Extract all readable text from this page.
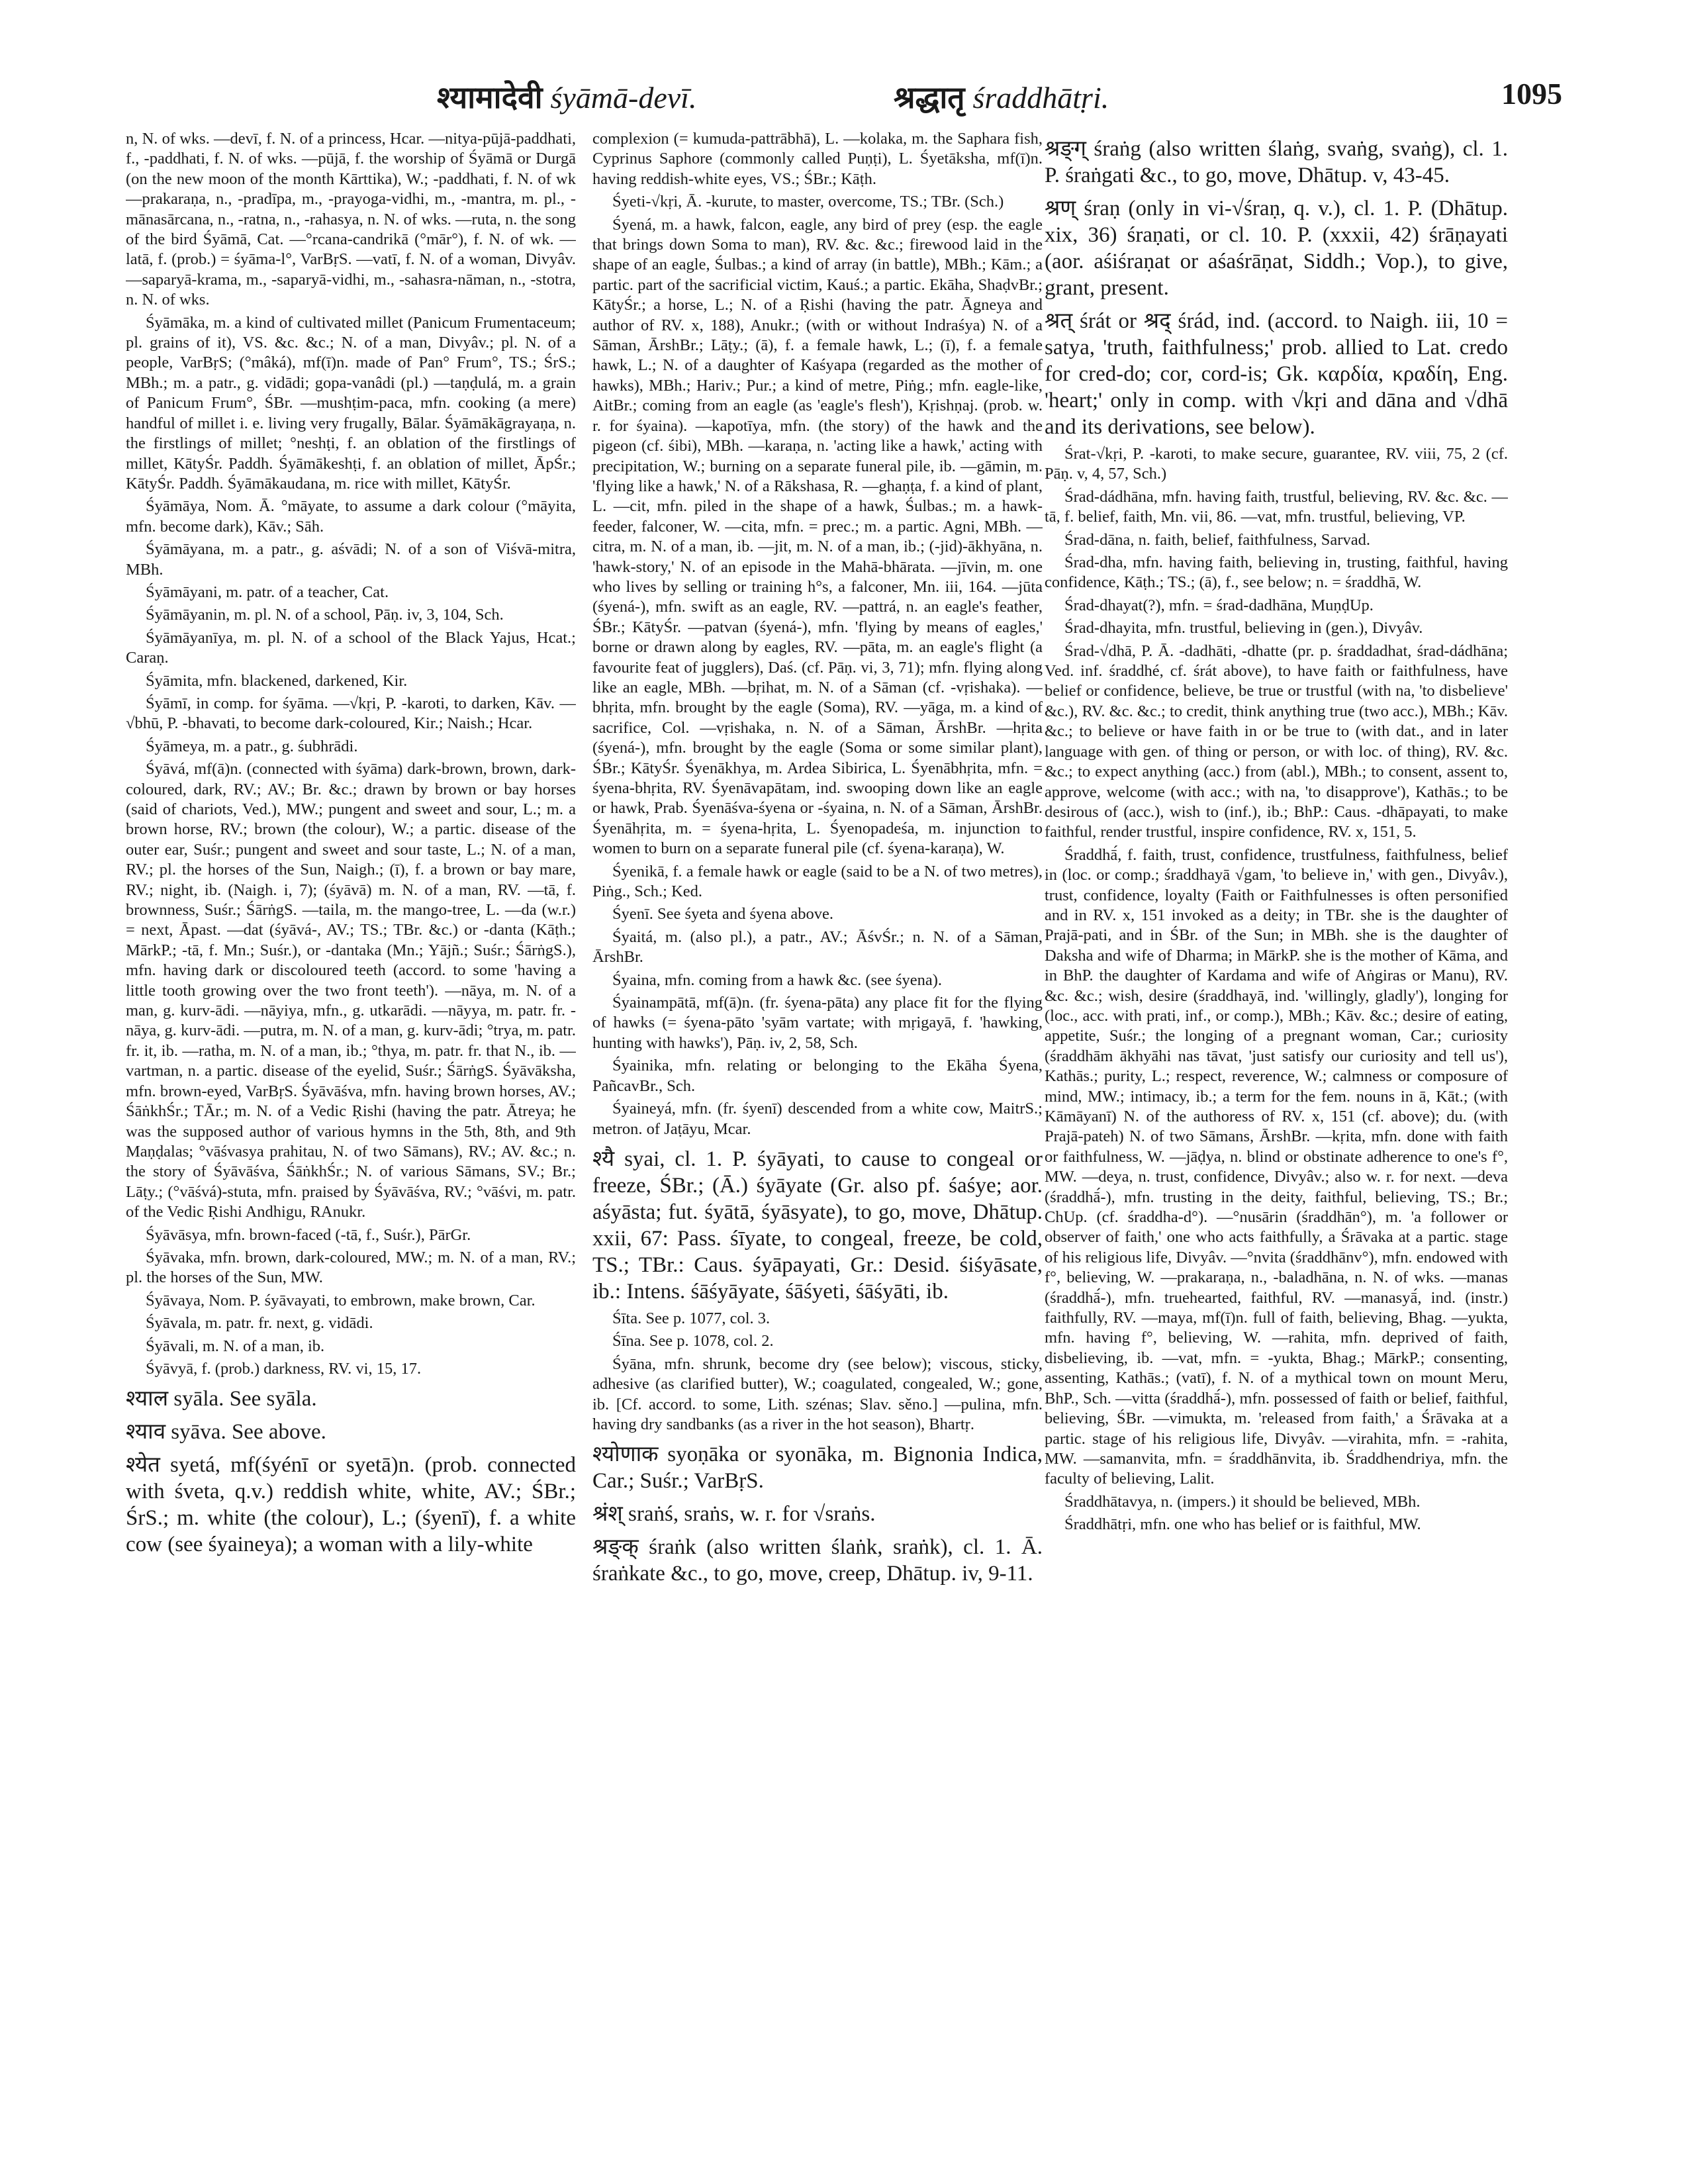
श्यामादेवी śyāmā-devī.	श्रद्धातृ śraddhātṛi.	1095

n, N. of wks. —devī, f. N. of a princess, Hcar. —nitya-pūjā-paddhati, f., -paddhati, f. N. of wks. —pūjā, f. the worship of Śyāmā or Durgā (on the new moon of the month Kārttika), W.; -paddhati, f. N. of wk —prakaraṇa, n., -pradīpa, m., -prayoga-vidhi, m., -mantra, m. pl., -mānasārcana, n., -ratna, n., -rahasya, n. N. of wks. —ruta, n. the song of the bird Śyāmā, Cat. —°rcana-candrikā (°mār°), f. N. of wk. —latā, f. (prob.) = śyāma-l°, VarBṛS. —vatī, f. N. of a woman, Divyâv. —saparyā-krama, m., -saparyā-vidhi, m., -sahasra-nāman, n., -stotra, n. N. of wks.

Śyāmāka, m. a kind of cultivated millet (Panicum Frumentaceum; pl. grains of it), VS. &c. &c.; N. of a man, Divyâv.; pl. N. of a people, VarBṛS; (°mâká), mf(ī)n. made of Pan° Frum°, TS.; ŚrS.; MBh.; m. a patr., g. vidādi; gopa-vanâdi (pl.) —taṇḍulá, m. a grain of Panicum Frum°, ŚBr. —mushṭim-paca, mfn. cooking (a mere) handful of millet i. e. living very frugally, Bālar. Śyāmākāgrayaṇa, n. the firstlings of millet; °neshṭi, f. an oblation of the firstlings of millet, KātyŚr. Paddh. Śyāmākeshṭi, f. an oblation of millet, ĀpŚr.; KātyŚr. Paddh. Śyāmākaudana, m. rice with millet, KātyŚr.

Śyāmāya, Nom. Ā. °māyate, to assume a dark colour (°māyita, mfn. become dark), Kāv.; Sāh.

Śyāmāyana, m. a patr., g. aśvādi; N. of a son of Viśvā-mitra, MBh.

Śyāmāyani, m. patr. of a teacher, Cat.

Śyāmāyanin, m. pl. N. of a school, Pāṇ. iv, 3, 104, Sch.

Śyāmāyanīya, m. pl. N. of a school of the Black Yajus, Hcat.; Caraṇ.

Śyāmita, mfn. blackened, darkened, Kir.

Śyāmī, in comp. for śyāma. —√kṛi, P. -karoti, to darken, Kāv. —√bhū, P. -bhavati, to become dark-coloured, Kir.; Naish.; Hcar.

Śyāmeya, m. a patr., g. śubhrādi.

Śyāvá, mf(ā)n. (connected with śyāma) dark-brown, brown, dark-coloured, dark, RV.; AV.; Br. &c.; drawn by brown or bay horses (said of chariots, Ved.), MW.; pungent and sweet and sour, L.; m. a brown horse, RV.; brown (the colour), W.; a partic. disease of the outer ear, Suśr.; pungent and sweet and sour taste, L.; N. of a man, RV.; pl. the horses of the Sun, Naigh.; (ī), f. a brown or bay mare, RV.; night, ib. (Naigh. i, 7); (śyāvā) m. N. of a man, RV. —tā, f. brownness, Suśr.; ŚārṅgS. —taila, m. the mango-tree, L. —da (w.r.) = next, Āpast. —dat (śyāvá-, AV.; TS.; TBr. &c.) or -danta (Kāṭh.; MārkP.; -tā, f. Mn.; Suśr.), or -dantaka (Mn.; Yājñ.; Suśr.; ŚārṅgS.), mfn. having dark or discoloured teeth (accord. to some 'having a little tooth growing over the two front teeth'). —nāya, m. N. of a man, g. kurv-ādi. —nāyiya, mfn., g. utkarādi. —nāyya, m. patr. fr. -nāya, g. kurv-ādi. —putra, m. N. of a man, g. kurv-ādi; °trya, m. patr. fr. it, ib. —ratha, m. N. of a man, ib.; °thya, m. patr. fr. that N., ib. —vartman, n. a partic. disease of the eyelid, Suśr.; ŚārṅgS. Śyāvāksha, mfn. brown-eyed, VarBṛS. Śyāvāśva, mfn. having brown horses, AV.; ŚāṅkhŚr.; TĀr.; m. N. of a Vedic Ṛishi (having the patr. Ātreya; he was the supposed author of various hymns in the 5th, 8th, and 9th Maṇḍalas; °vāśvasya prahitau, N. of two Sāmans), RV.; AV. &c.; n. the story of Śyāvāśva, ŚāṅkhŚr.; N. of various Sāmans, SV.; Br.; Lāṭy.; (°vāśvá)-stuta, mfn. praised by Śyāvāśva, RV.; °vāśvi, m. patr. of the Vedic Ṛishi Andhigu, RAnukr.

Śyāvāsya, mfn. brown-faced (-tā, f., Suśr.), PārGr.

Śyāvaka, mfn. brown, dark-coloured, MW.; m. N. of a man, RV.; pl. the horses of the Sun, MW.

Śyāvaya, Nom. P. śyāvayati, to embrown, make brown, Car.

Śyāvala, m. patr. fr. next, g. vidādi.

Śyāvali, m. N. of a man, ib.

Śyāvyā, f. (prob.) darkness, RV. vi, 15, 17.

श्याल syāla. See syāla.

श्याव syāva. See above.

श्येत syetá, mf(śyénī or syetā)n. (prob. connected with śveta, q.v.) reddish white, white, AV.; ŚBr.; ŚrS.; m. white (the colour), L.; (śyenī), f. a white cow (see śyaineya); a woman with a lily-white

complexion (= kumuda-pattrābhā), L. —kolaka, m. the Saphara fish, Cyprinus Saphore (commonly called Puṇṭi), L. Śyetāksha, mf(ī)n. having reddish-white eyes, VS.; ŚBr.; Kāṭh.

Śyeti-√kṛi, Ā. -kurute, to master, overcome, TS.; TBr. (Sch.)

Śyená, m. a hawk, falcon, eagle, any bird of prey (esp. the eagle that brings down Soma to man), RV. &c. &c.; firewood laid in the shape of an eagle, Śulbas.; a kind of array (in battle), MBh.; Kām.; a partic. part of the sacrificial victim, Kauś.; a partic. Ekāha, ShaḍvBr.; KātyŚr.; a horse, L.; N. of a Ṛishi (having the patr. Āgneya and author of RV. x, 188), Anukr.; (with or without Indraśya) N. of a Sāman, ĀrshBr.; Lāṭy.; (ā), f. a female hawk, L.; (ī), f. a female hawk, L.; N. of a daughter of Kaśyapa (regarded as the mother of hawks), MBh.; Hariv.; Pur.; a kind of metre, Piṅg.; mfn. eagle-like, AitBr.; coming from an eagle (as 'eagle's flesh'), Kṛishṇaj. (prob. w. r. for śyaina). —kapotīya, mfn. (the story) of the hawk and the pigeon (cf. śibi), MBh. —karaṇa, n. 'acting like a hawk,' acting with precipitation, W.; burning on a separate funeral pile, ib. —gāmin, m. 'flying like a hawk,' N. of a Rākshasa, R. —ghaṇṭa, f. a kind of plant, L. —cit, mfn. piled in the shape of a hawk, Śulbas.; m. a hawk-feeder, falconer, W. —cita, mfn. = prec.; m. a partic. Agni, MBh. —citra, m. N. of a man, ib. —jit, m. N. of a man, ib.; (-jid)-ākhyāna, n. 'hawk-story,' N. of an episode in the Mahā-bhārata. —jīvin, m. one who lives by selling or training h°s, a falconer, Mn. iii, 164. —jūta (śyená-), mfn. swift as an eagle, RV. —pattrá, n. an eagle's feather, ŚBr.; KātyŚr. —patvan (śyená-), mfn. 'flying by means of eagles,' borne or drawn along by eagles, RV. —pāta, m. an eagle's flight (a favourite feat of jugglers), Daś. (cf. Pāṇ. vi, 3, 71); mfn. flying along like an eagle, MBh. —bṛihat, m. N. of a Sāman (cf. -vṛishaka). —bhṛita, mfn. brought by the eagle (Soma), RV. —yāga, m. a kind of sacrifice, Col. —vṛishaka, n. N. of a Sāman, ĀrshBr. —hṛita (śyená-), mfn. brought by the eagle (Soma or some similar plant), ŚBr.; KātyŚr. Śyenākhya, m. Ardea Sibirica, L. Śyenābhṛita, mfn. = śyena-bhṛita, RV. Śyenāvapātam, ind. swooping down like an eagle or hawk, Prab. Śyenāśva-śyena or -śyaina, n. N. of a Sāman, ĀrshBr. Śyenāhṛita, m. = śyena-hṛita, L. Śyenopadeśa, m. injunction to women to burn on a separate funeral pile (cf. śyena-karaṇa), W.

Śyenikā, f. a female hawk or eagle (said to be a N. of two metres), Piṅg., Sch.; Ked.

Śyenī. See śyeta and śyena above.

Śyaitá, m. (also pl.), a patr., AV.; ĀśvŚr.; n. N. of a Sāman, ĀrshBr.

Śyaina, mfn. coming from a hawk &c. (see śyena).

Śyainampātā, mf(ā)n. (fr. śyena-pāta) any place fit for the flying of hawks (= śyena-pāto 'syām vartate; with mṛigayā, f. 'hawking, hunting with hawks'), Pāṇ. iv, 2, 58, Sch.

Śyainika, mfn. relating or belonging to the Ekāha Śyena, PañcavBr., Sch.

Śyaineyá, mfn. (fr. śyenī) descended from a white cow, MaitrS.; metron. of Jaṭāyu, Mcar.

श्यै syai, cl. 1. P. śyāyati, to cause to congeal or freeze, ŚBr.; (Ā.) śyāyate (Gr. also pf. śaśye; aor. aśyāsta; fut. śyātā, śyāsyate), to go, move, Dhātup. xxii, 67: Pass. śīyate, to congeal, freeze, be cold, TS.; TBr.: Caus. śyāpayati, Gr.: Desid. śiśyāsate, ib.: Intens. śāśyāyate, śāśyeti, śāśyāti, ib.

Śīta. See p. 1077, col. 3.

Śīna. See p. 1078, col. 2.

Śyāna, mfn. shrunk, become dry (see below); viscous, sticky, adhesive (as clarified butter), W.; coagulated, congealed, W.; gone, ib. [Cf. accord. to some, Lith. szénas; Slav. sěno.] —pulina, mfn. having dry sandbanks (as a river in the hot season), Bhartṛ.

श्योणाक syoṇāka or syonāka, m. Bignonia Indica, Car.; Suśr.; VarBṛS.

श्रंश् sraṅś, sraṅs, w. r. for √sraṅs.

श्रङ्क् śraṅk (also written ślaṅk, sraṅk), cl. 1. Ā. śraṅkate &c., to go, move, creep, Dhātup. iv, 9-11.

श्रङ्ग् śraṅg (also written ślaṅg, svaṅg, svaṅg), cl. 1. P. śraṅgati &c., to go, move, Dhātup. v, 43-45.

श्रण् śraṇ (only in vi-√śraṇ, q. v.), cl. 1. P. (Dhātup. xix, 36) śraṇati, or cl. 10. P. (xxxii, 42) śrāṇayati (aor. aśiśraṇat or aśaśrāṇat, Siddh.; Vop.), to give, grant, present.

श्रत् śrát or श्रद् śrád, ind. (accord. to Naigh. iii, 10 = satya, 'truth, faithfulness;' prob. allied to Lat. credo for cred-do; cor, cord-is; Gk. καρδία, κραδίη, Eng. 'heart;' only in comp. with √kṛi and dāna and √dhā and its derivations, see below).

Śrat-√kṛi, P. -karoti, to make secure, guarantee, RV. viii, 75, 2 (cf. Pāṇ. v, 4, 57, Sch.)

Śrad-dádhāna, mfn. having faith, trustful, believing, RV. &c. &c. —tā, f. belief, faith, Mn. vii, 86. —vat, mfn. trustful, believing, VP.

Śrad-dāna, n. faith, belief, faithfulness, Sarvad.

Śrad-dha, mfn. having faith, believing in, trusting, faithful, having confidence, Kāṭh.; TS.; (ā), f., see below; n. = śraddhā, W.

Śrad-dhayat(?), mfn. = śrad-dadhāna, MuṇḍUp.

Śrad-dhayita, mfn. trustful, believing in (gen.), Divyâv.

Śrad-√dhā, P. Ā. -dadhāti, -dhatte (pr. p. śraddadhat, śrad-dádhāna; Ved. inf. śraddhé, cf. śrát above), to have faith or faithfulness, have belief or confidence, believe, be true or trustful (with na, 'to disbelieve' &c.), RV. &c. &c.; to credit, think anything true (two acc.), MBh.; Kāv. &c.; to believe or have faith in or be true to (with dat., and in later language with gen. of thing or person, or with loc. of thing), RV. &c. &c.; to expect anything (acc.) from (abl.), MBh.; to consent, assent to, approve, welcome (with acc.; with na, 'to disapprove'), Kathās.; to be desirous of (acc.), wish to (inf.), ib.; BhP.: Caus. -dhāpayati, to make faithful, render trustful, inspire confidence, RV. x, 151, 5.

Śraddhā́, f. faith, trust, confidence, trustfulness, faithfulness, belief in (loc. or comp.; śraddhayā √gam, 'to believe in,' with gen., Divyâv.), trust, confidence, loyalty (Faith or Faithfulnesses is often personified and in RV. x, 151 invoked as a deity; in TBr. she is the daughter of Prajā-pati, and in ŚBr. of the Sun; in MBh. she is the daughter of Daksha and wife of Dharma; in MārkP. she is the mother of Kāma, and in BhP. the daughter of Kardama and wife of Aṅgiras or Manu), RV. &c. &c.; wish, desire (śraddhayā, ind. 'willingly, gladly'), longing for (loc., acc. with prati, inf., or comp.), MBh.; Kāv. &c.; desire of eating, appetite, Suśr.; the longing of a pregnant woman, Car.; curiosity (śraddhām ākhyāhi nas tāvat, 'just satisfy our curiosity and tell us'), Kathās.; purity, L.; respect, reverence, W.; calmness or composure of mind, MW.; intimacy, ib.; a term for the fem. nouns in ā, Kāt.; (with Kāmāyanī) N. of the authoress of RV. x, 151 (cf. above); du. (with Prajā-pateh) N. of two Sāmans, ĀrshBr. —kṛita, mfn. done with faith or faithfulness, W. —jāḍya, n. blind or obstinate adherence to one's f°, MW. —deya, n. trust, confidence, Divyâv.; also w. r. for next. —deva (śraddhā́-), mfn. trusting in the deity, faithful, believing, TS.; Br.; ChUp. (cf. śraddha-d°). —°nusārin (śraddhān°), m. 'a follower or observer of faith,' one who acts faithfully, a Śrāvaka at a partic. stage of his religious life, Divyâv. —°nvita (śraddhānv°), mfn. endowed with f°, believing, W. —prakaraṇa, n., -baladhāna, n. N. of wks. —manas (śraddhā́-), mfn. truehearted, faithful, RV. —manasyā́, ind. (instr.) faithfully, RV. —maya, mf(ī)n. full of faith, believing, Bhag. —yukta, mfn. having f°, believing, W. —rahita, mfn. deprived of faith, disbelieving, ib. —vat, mfn. = -yukta, Bhag.; MārkP.; consenting, assenting, Kathās.; (vatī), f. N. of a mythical town on mount Meru, BhP., Sch. —vitta (śraddhā́-), mfn. possessed of faith or belief, faithful, believing, ŚBr. —vimukta, m. 'released from faith,' a Śrāvaka at a partic. stage of his religious life, Divyâv. —virahita, mfn. = -rahita, MW. —samanvita, mfn. = śraddhānvita, ib. Śraddhendriya, mfn. the faculty of believing, Lalit.

Śraddhātavya, n. (impers.) it should be believed, MBh.

Śraddhātṛi, mfn. one who has belief or is faithful, MW.
